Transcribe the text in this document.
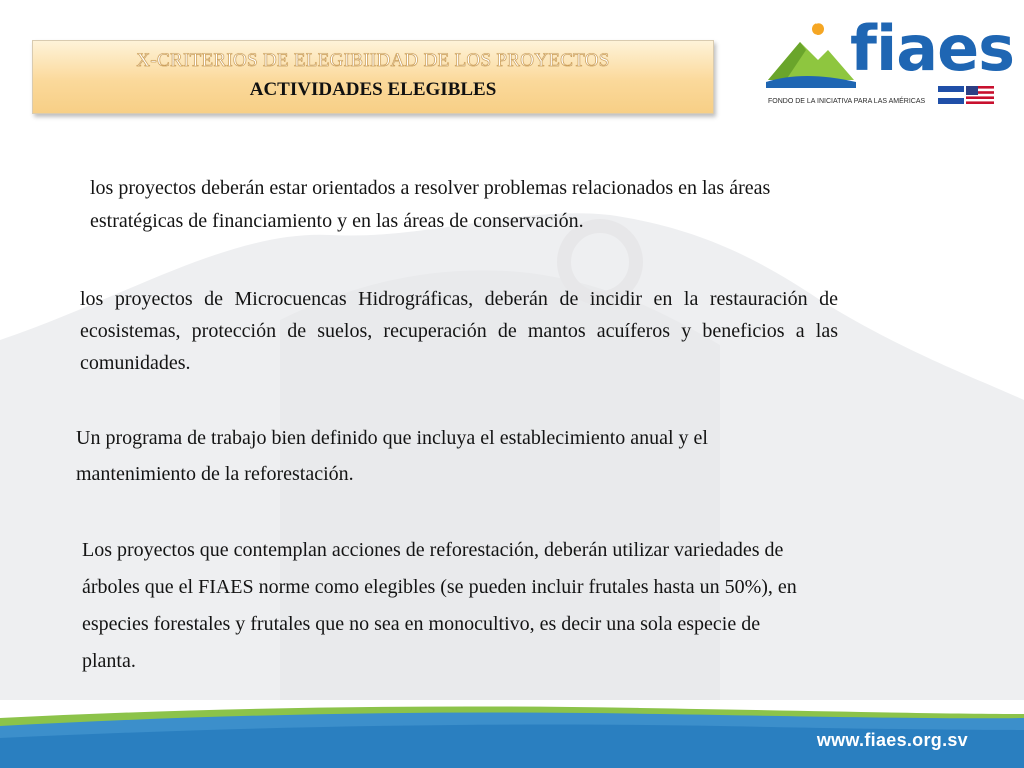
X-CRITERIOS DE ELEGIBIIDAD DE LOS PROYECTOS
ACTIVIDADES ELEGIBLES
fiaes
FONDO DE LA INICIATIVA PARA LAS AMÉRICAS

los proyectos deberán estar orientados a resolver problemas relacionados en las áreas estratégicas de financiamiento y en las áreas de conservación.

los proyectos de Microcuencas Hidrográficas, deberán de incidir en la restauración de ecosistemas, protección de suelos, recuperación de mantos acuíferos y beneficios a las comunidades.

Un programa de trabajo bien definido que incluya el establecimiento anual y el mantenimiento de la reforestación.

Los proyectos que contemplan acciones de reforestación, deberán utilizar variedades de árboles que el FIAES norme como elegibles (se pueden incluir frutales hasta un 50%), en especies forestales y frutales que no sea en monocultivo, es decir una sola especie de planta.

www.fiaes.org.sv
